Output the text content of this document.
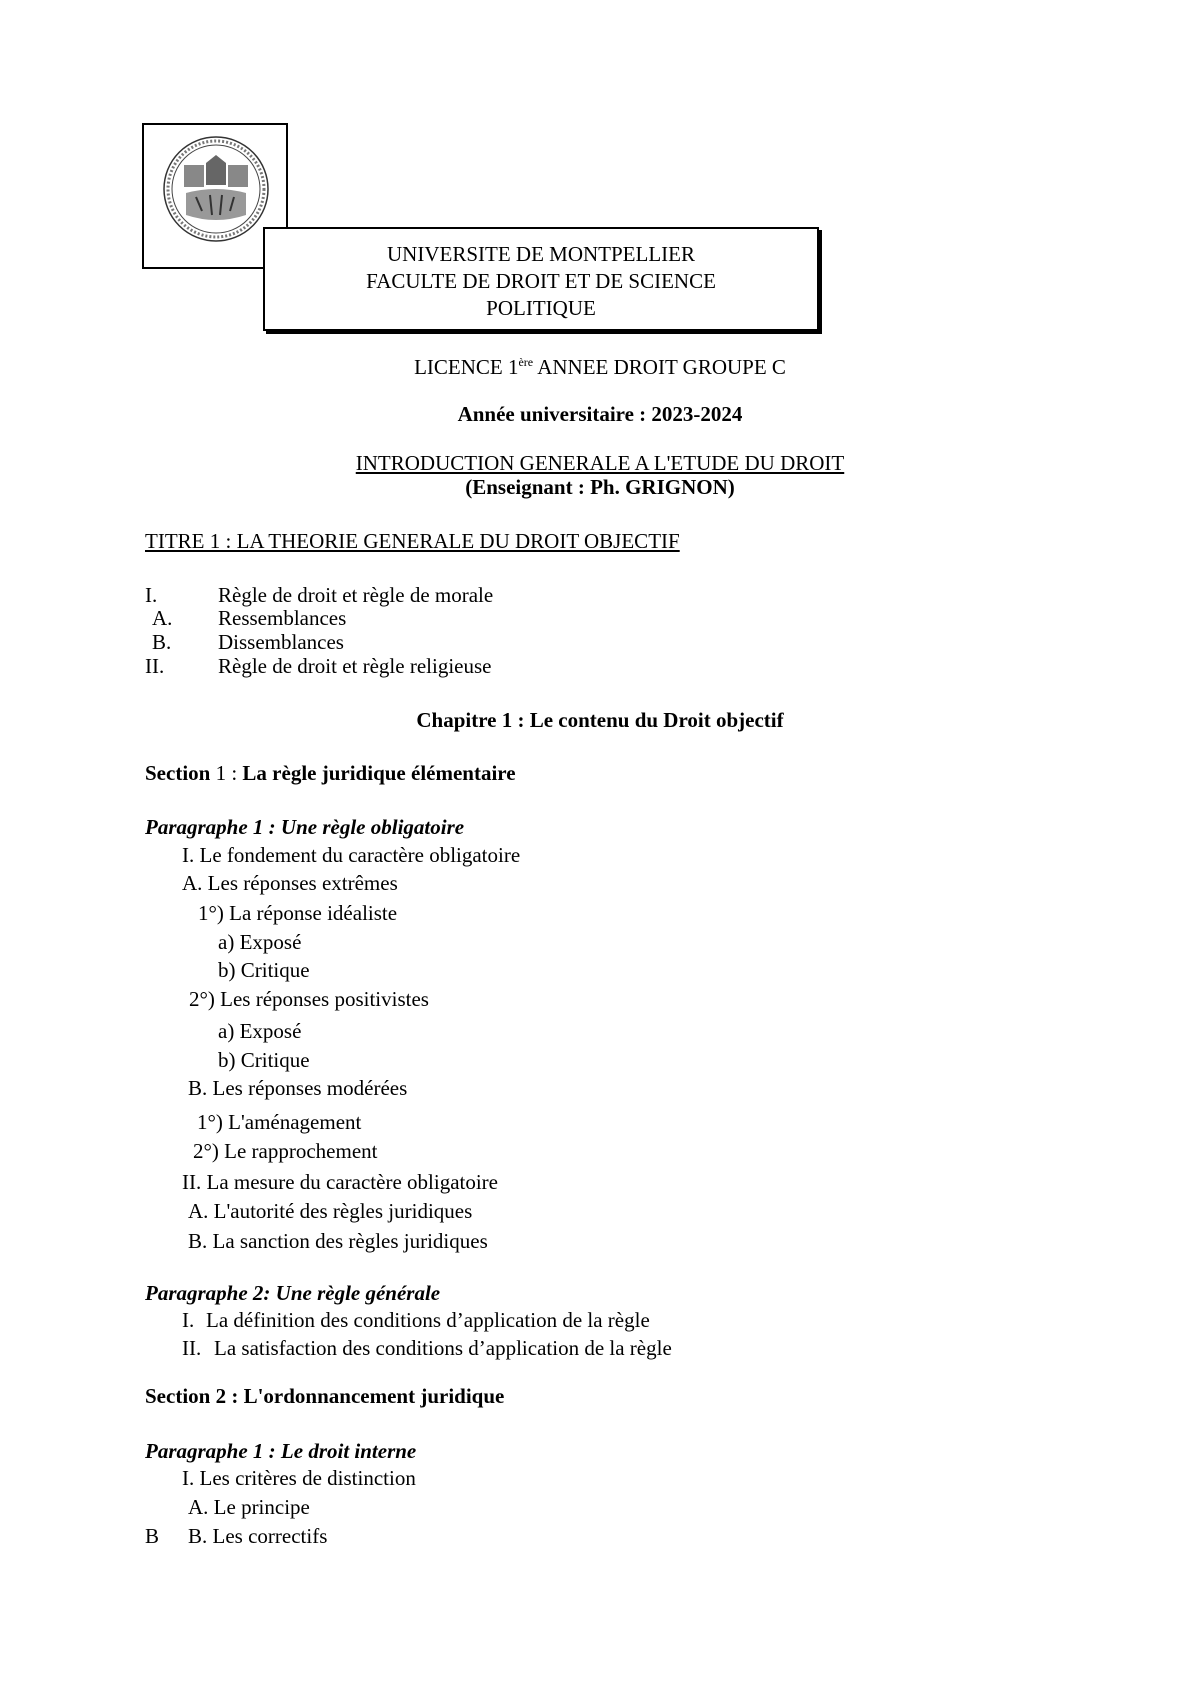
UNIVERSITE DE MONTPELLIER
FACULTE DE DROIT ET DE SCIENCE
POLITIQUE
LICENCE 1ère ANNEE DROIT GROUPE C
Année universitaire : 2023-2024
INTRODUCTION GENERALE A L'ETUDE DU DROIT
(Enseignant : Ph. GRIGNON)
TITRE 1 : LA THEORIE GENERALE DU DROIT OBJECTIF
I.	Règle de droit et règle de morale
A. Ressemblances
B. Dissemblances
II.	Règle de droit et règle religieuse
Chapitre 1 : Le contenu du Droit objectif
Section 1 : La règle juridique élémentaire
Paragraphe 1 : Une règle obligatoire
I. Le fondement du caractère obligatoire
A. Les réponses extrêmes
1°) La réponse idéaliste
a) Exposé
b) Critique
2°) Les réponses positivistes
a) Exposé
b) Critique
B. Les réponses modérées
1°) L'aménagement
2°) Le rapprochement
II. La mesure du caractère obligatoire
A. L'autorité des règles juridiques
B. La sanction des règles juridiques
Paragraphe 2: Une règle générale
I. La définition des conditions d’application de la règle
II. La satisfaction des conditions d’application de la règle
Section 2 : L'ordonnancement juridique
Paragraphe 1 : Le droit interne
I. Les critères de distinction
A. Le principe
B B. Les correctifs
